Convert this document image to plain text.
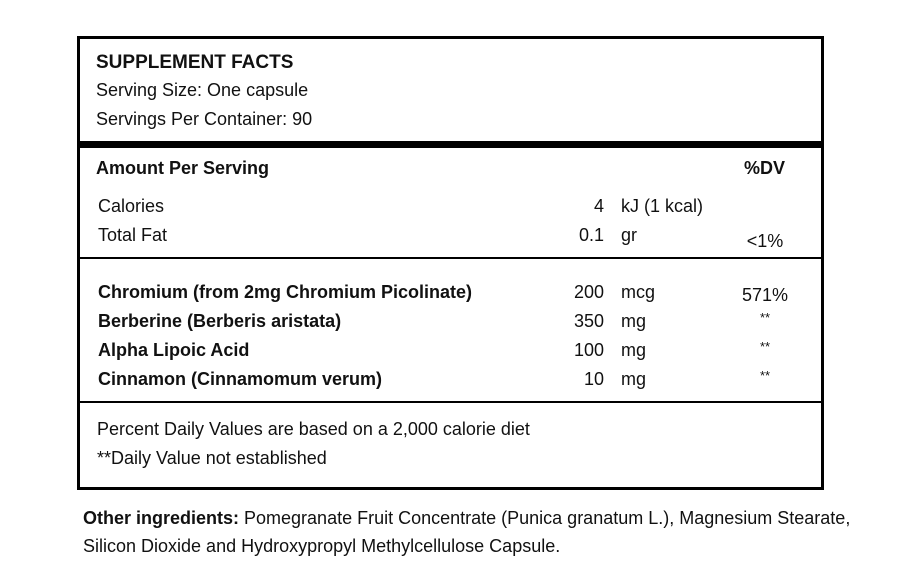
SUPPLEMENT FACTS
Serving Size: One capsule
Servings Per Container: 90
Amount Per Serving	%DV
Calories	4 kJ (1 kcal)
Total Fat	0.1 gr	<1%
Chromium (from 2mg Chromium Picolinate)	200 mcg	571%
Berberine (Berberis aristata)	350 mg	**
Alpha Lipoic Acid	100 mg	**
Cinnamon (Cinnamomum verum)	10 mg	**
Percent Daily Values are based on a 2,000 calorie diet
**Daily Value not established
Other ingredients: Pomegranate Fruit Concentrate (Punica granatum L.), Magnesium Stearate, Silicon Dioxide and Hydroxypropyl Methylcellulose Capsule.
